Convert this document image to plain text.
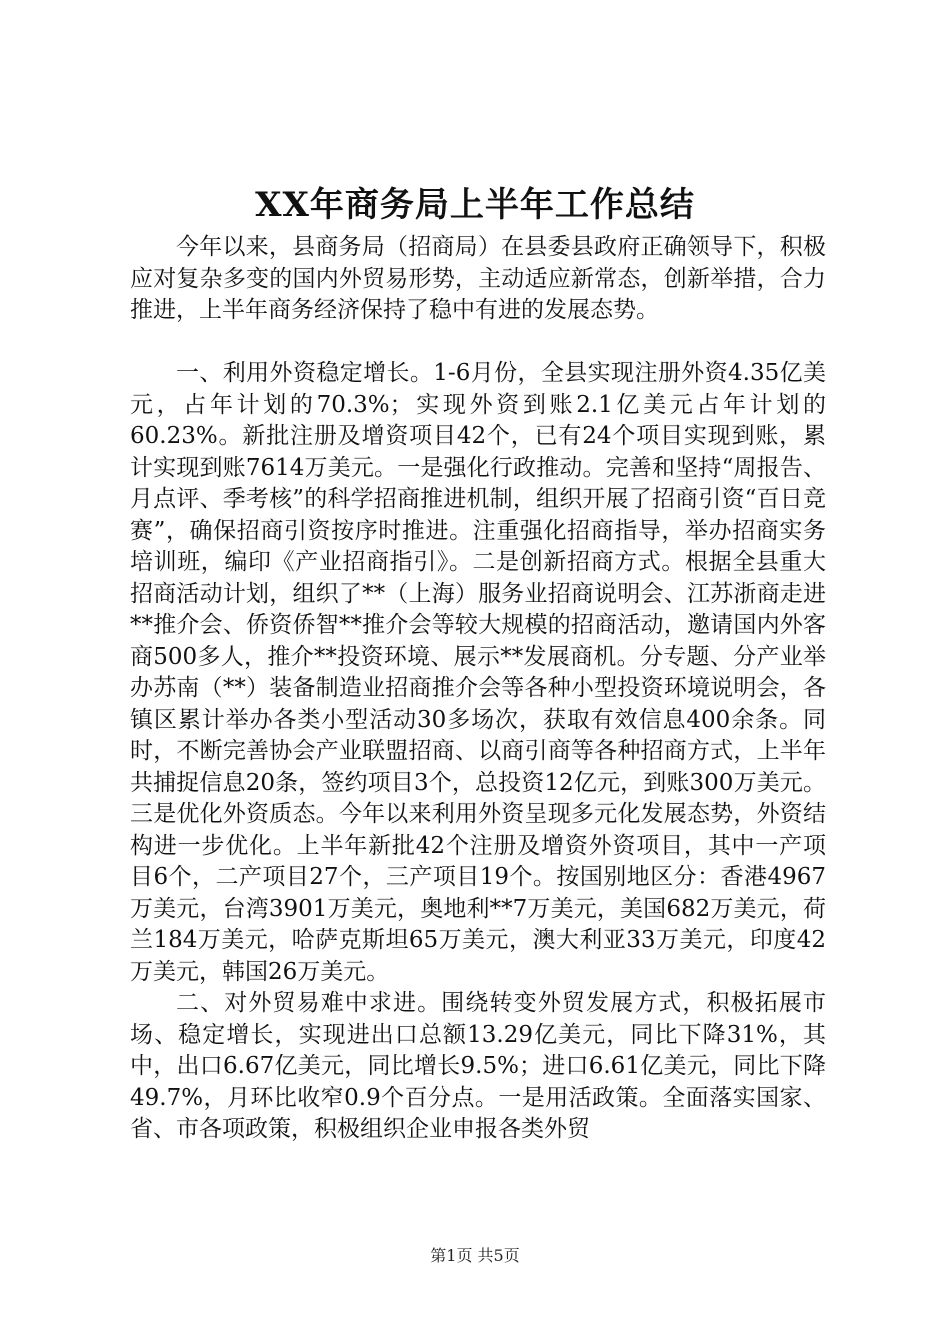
XX年商务局上半年工作总结

今年以来，县商务局（招商局）在县委县政府正确领导下，积极应对复杂多变的国内外贸易形势，主动适应新常态，创新举措，合力推进，上半年商务经济保持了稳中有进的发展态势。

一、利用外资稳定增长。1-6月份，全县实现注册外资4.35亿美元，占年计划的70.3%；实现外资到账2.1亿美元占年计划的60.23%。新批注册及增资项目42个，已有24个项目实现到账，累计实现到账7614万美元。一是强化行政推动。完善和坚持“周报告、月点评、季考核”的科学招商推进机制，组织开展了招商引资“百日竞赛”，确保招商引资按序时推进。注重强化招商指导，举办招商实务培训班，编印《产业招商指引》。二是创新招商方式。根据全县重大招商活动计划，组织了**（上海）服务业招商说明会、江苏浙商走进**推介会、侨资侨智**推介会等较大规模的招商活动，邀请国内外客商500多人，推介**投资环境、展示**发展商机。分专题、分产业举办苏南（**）装备制造业招商推介会等各种小型投资环境说明会，各镇区累计举办各类小型活动30多场次，获取有效信息400余条。同时，不断完善协会产业联盟招商、以商引商等各种招商方式，上半年共捕捉信息20条，签约项目3个，总投资12亿元，到账300万美元。三是优化外资质态。今年以来利用外资呈现多元化发展态势，外资结构进一步优化。上半年新批42个注册及增资外资项目，其中一产项目6个，二产项目27个，三产项目19个。按国别地区分：香港4967万美元，台湾3901万美元，奥地利**7万美元，美国682万美元，荷兰184万美元，哈萨克斯坦65万美元，澳大利亚33万美元，印度42万美元，韩国26万美元。

二、对外贸易难中求进。围绕转变外贸发展方式，积极拓展市场、稳定增长，实现进出口总额13.29亿美元，同比下降31%，其中，出口6.67亿美元，同比增长9.5%；进口6.61亿美元，同比下降49.7%，月环比收窄0.9个百分点。一是用活政策。全面落实国家、省、市各项政策，积极组织企业申报各类外贸

第1页 共5页
